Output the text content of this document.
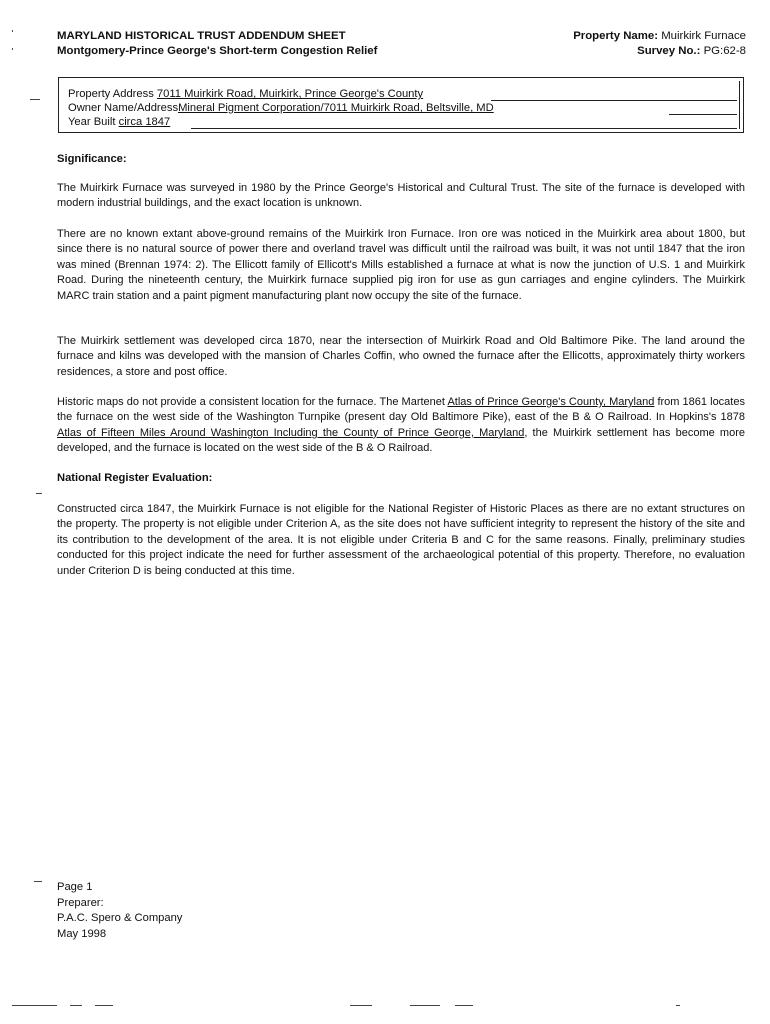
MARYLAND HISTORICAL TRUST ADDENDUM SHEET
Montgomery-Prince George's Short-term Congestion Relief
Property Name: Muirkirk Furnace
Survey No.: PG:62-8
Property Address 7011 Muirkirk Road, Muirkirk, Prince George's County
Owner Name/AddressMineral Pigment Corporation/7011 Muirkirk Road, Beltsville, MD
Year Built circa 1847
Significance:
The Muirkirk Furnace was surveyed in 1980 by the Prince George's Historical and Cultural Trust. The site of the furnace is developed with modern industrial buildings, and the exact location is unknown.
There are no known extant above-ground remains of the Muirkirk Iron Furnace. Iron ore was noticed in the Muirkirk area about 1800, but since there is no natural source of power there and overland travel was difficult until the railroad was built, it was not until 1847 that the iron was mined (Brennan 1974: 2). The Ellicott family of Ellicott's Mills established a furnace at what is now the junction of U.S. 1 and Muirkirk Road. During the nineteenth century, the Muirkirk furnace supplied pig iron for use as gun carriages and engine cylinders. The Muirkirk MARC train station and a paint pigment manufacturing plant now occupy the site of the furnace.
The Muirkirk settlement was developed circa 1870, near the intersection of Muirkirk Road and Old Baltimore Pike. The land around the furnace and kilns was developed with the mansion of Charles Coffin, who owned the furnace after the Ellicotts, approximately thirty workers residences, a store and post office.
Historic maps do not provide a consistent location for the furnace. The Martenet Atlas of Prince George's County, Maryland from 1861 locates the furnace on the west side of the Washington Turnpike (present day Old Baltimore Pike), east of the B & O Railroad. In Hopkins's 1878 Atlas of Fifteen Miles Around Washington Including the County of Prince George, Maryland, the Muirkirk settlement has become more developed, and the furnace is located on the west side of the B & O Railroad.
National Register Evaluation:
Constructed circa 1847, the Muirkirk Furnace is not eligible for the National Register of Historic Places as there are no extant structures on the property. The property is not eligible under Criterion A, as the site does not have sufficient integrity to represent the history of the site and its contribution to the development of the area. It is not eligible under Criteria B and C for the same reasons. Finally, preliminary studies conducted for this project indicate the need for further assessment of the archaeological potential of this property. Therefore, no evaluation under Criterion D is being conducted at this time.
Page 1
Preparer:
P.A.C. Spero & Company
May 1998
